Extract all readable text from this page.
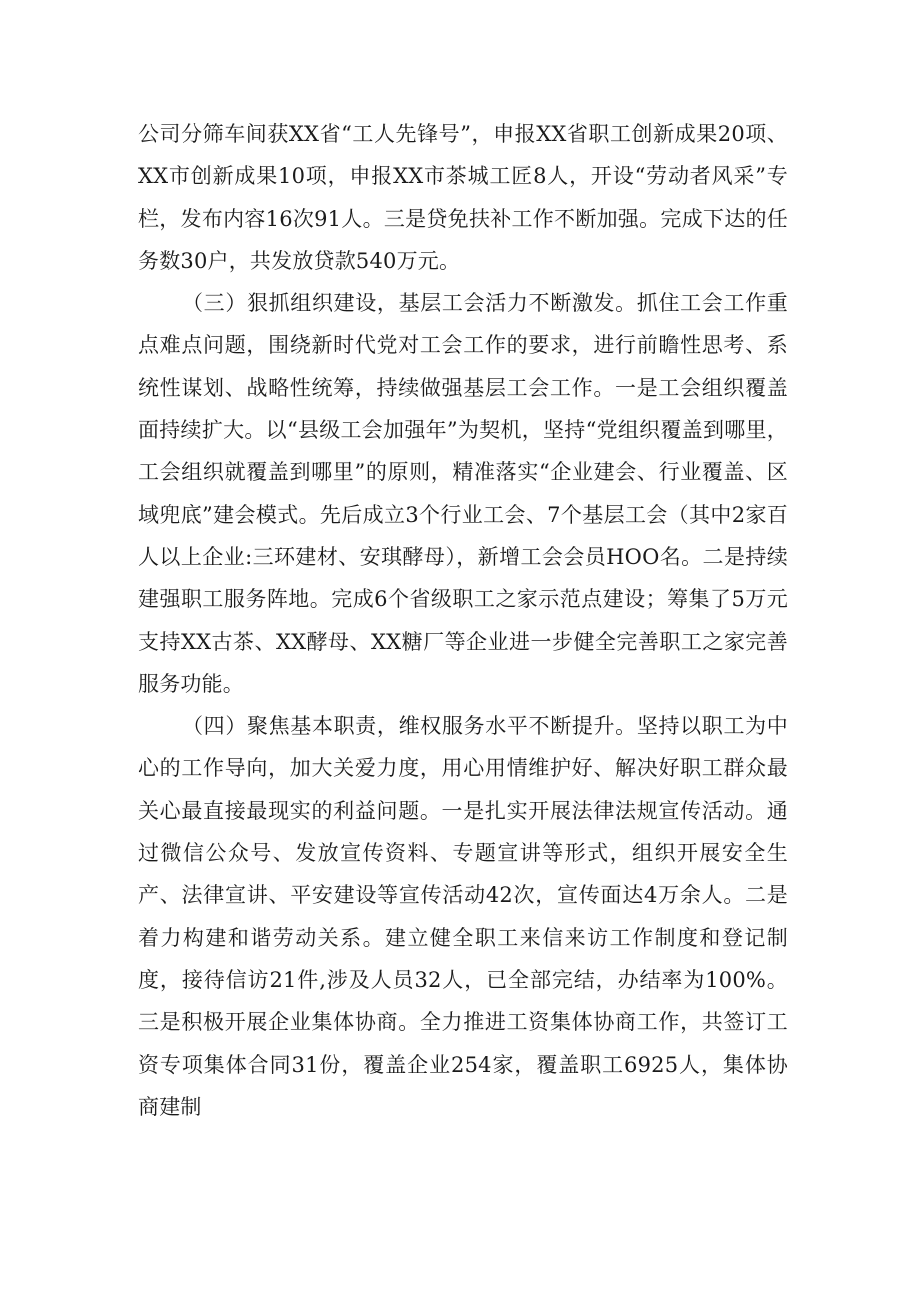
公司分筛车间获XX省“工人先锋号”，申报XX省职工创新成果20项、XX市创新成果10项，申报XX市茶城工匠8人，开设“劳动者风采”专栏，发布内容16次91人。三是贷免扶补工作不断加强。完成下达的任务数30户，共发放贷款540万元。

（三）狠抓组织建设，基层工会活力不断激发。抓住工会工作重点难点问题，围绕新时代党对工会工作的要求，进行前瞻性思考、系统性谋划、战略性统筹，持续做强基层工会工作。一是工会组织覆盖面持续扩大。以“县级工会加强年”为契机，坚持“党组织覆盖到哪里，工会组织就覆盖到哪里”的原则，精准落实“企业建会、行业覆盖、区域兜底”建会模式。先后成立3个行业工会、7个基层工会（其中2家百人以上企业:三环建材、安琪酵母），新增工会会员HOO名。二是持续建强职工服务阵地。完成6个省级职工之家示范点建设；筹集了5万元支持XX古茶、XX酵母、XX糖厂等企业进一步健全完善职工之家完善服务功能。

（四）聚焦基本职责，维权服务水平不断提升。坚持以职工为中心的工作导向，加大关爱力度，用心用情维护好、解决好职工群众最关心最直接最现实的利益问题。一是扎实开展法律法规宣传活动。通过微信公众号、发放宣传资料、专题宣讲等形式，组织开展安全生产、法律宣讲、平安建设等宣传活动42次，宣传面达4万余人。二是着力构建和谐劳动关系。建立健全职工来信来访工作制度和登记制度，接待信访21件,涉及人员32人，已全部完结，办结率为100%。三是积极开展企业集体协商。全力推进工资集体协商工作，共签订工资专项集体合同31份，覆盖企业254家，覆盖职工6925人，集体协商建制
